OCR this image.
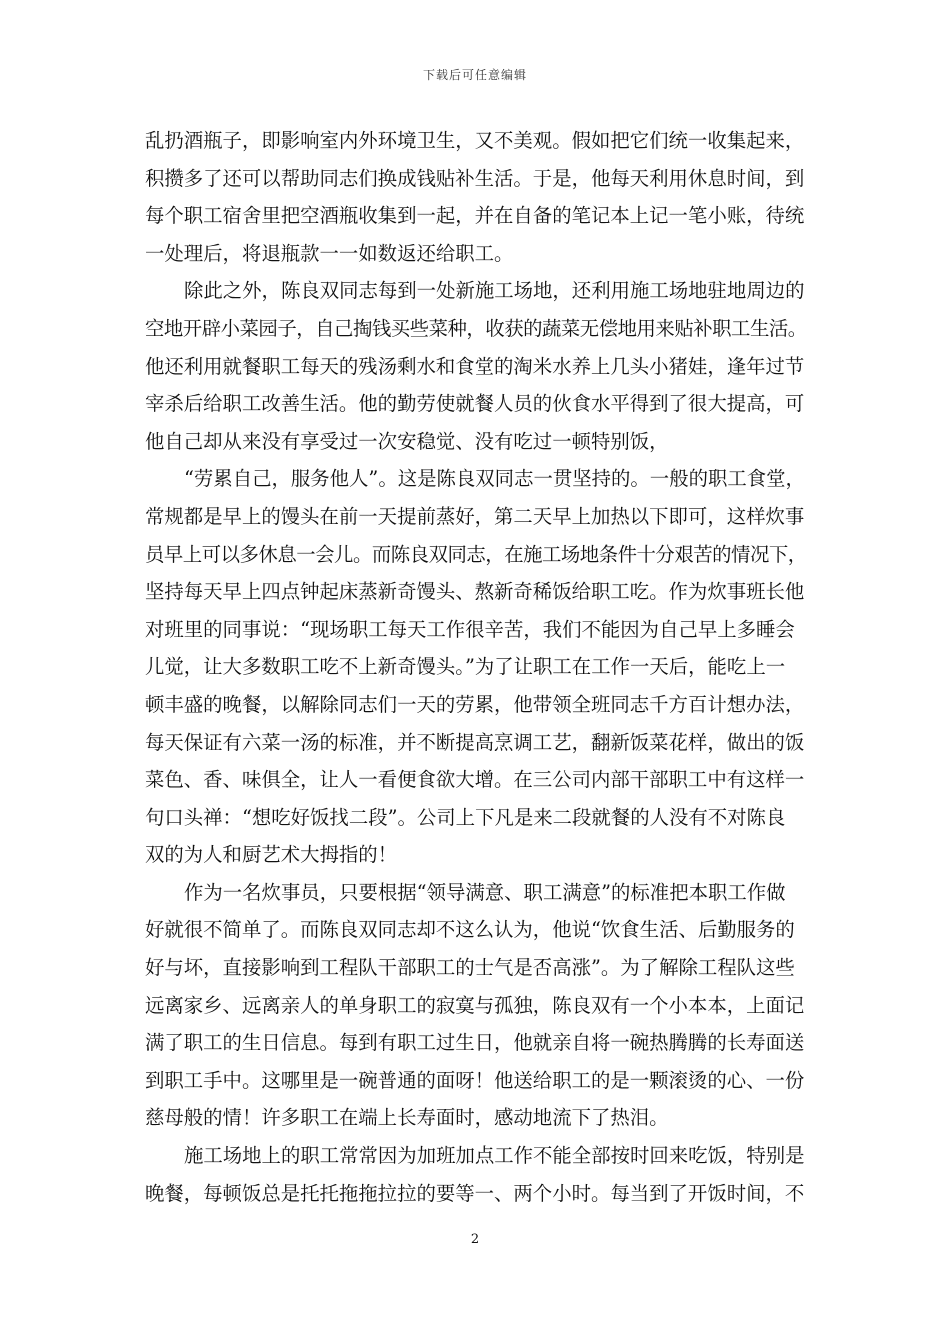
下载后可任意编辑
乱扔酒瓶子，即影响室内外环境卫生，又不美观。假如把它们统一收集起来，
积攒多了还可以帮助同志们换成钱贴补生活。于是，他每天利用休息时间，到
每个职工宿舍里把空酒瓶收集到一起，并在自备的笔记本上记一笔小账，待统
一处理后，将退瓶款一一如数返还给职工。
除此之外，陈良双同志每到一处新施工场地，还利用施工场地驻地周边的
空地开辟小菜园子，自己掏钱买些菜种，收获的蔬菜无偿地用来贴补职工生活。
他还利用就餐职工每天的残汤剩水和食堂的淘米水养上几头小猪娃，逢年过节
宰杀后给职工改善生活。他的勤劳使就餐人员的伙食水平得到了很大提高，可
他自己却从来没有享受过一次安稳觉、没有吃过一顿特别饭，
“劳累自己，服务他人”。这是陈良双同志一贯坚持的。一般的职工食堂，
常规都是早上的馒头在前一天提前蒸好，第二天早上加热以下即可，这样炊事
员早上可以多休息一会儿。而陈良双同志，在施工场地条件十分艰苦的情况下，
坚持每天早上四点钟起床蒸新奇馒头、熬新奇稀饭给职工吃。作为炊事班长他
对班里的同事说：“现场职工每天工作很辛苦，我们不能因为自己早上多睡会
儿觉，让大多数职工吃不上新奇馒头。”为了让职工在工作一天后，能吃上一
顿丰盛的晚餐，以解除同志们一天的劳累，他带领全班同志千方百计想办法，
每天保证有六菜一汤的标准，并不断提高烹调工艺，翻新饭菜花样，做出的饭
菜色、香、味俱全，让人一看便食欲大增。在三公司内部干部职工中有这样一
句口头禅：“想吃好饭找二段”。公司上下凡是来二段就餐的人没有不对陈良
双的为人和厨艺术大拇指的！
作为一名炊事员，只要根据“领导满意、职工满意”的标准把本职工作做
好就很不简单了。而陈良双同志却不这么认为，他说“饮食生活、后勤服务的
好与坏，直接影响到工程队干部职工的士气是否高涨”。为了解除工程队这些
远离家乡、远离亲人的单身职工的寂寞与孤独，陈良双有一个小本本，上面记
满了职工的生日信息。每到有职工过生日，他就亲自将一碗热腾腾的长寿面送
到职工手中。这哪里是一碗普通的面呀！他送给职工的是一颗滚烫的心、一份
慈母般的情！许多职工在端上长寿面时，感动地流下了热泪。
施工场地上的职工常常因为加班加点工作不能全部按时回来吃饭，特别是
晚餐，每顿饭总是托托拖拖拉拉的要等一、两个小时。每当到了开饭时间，不
2
